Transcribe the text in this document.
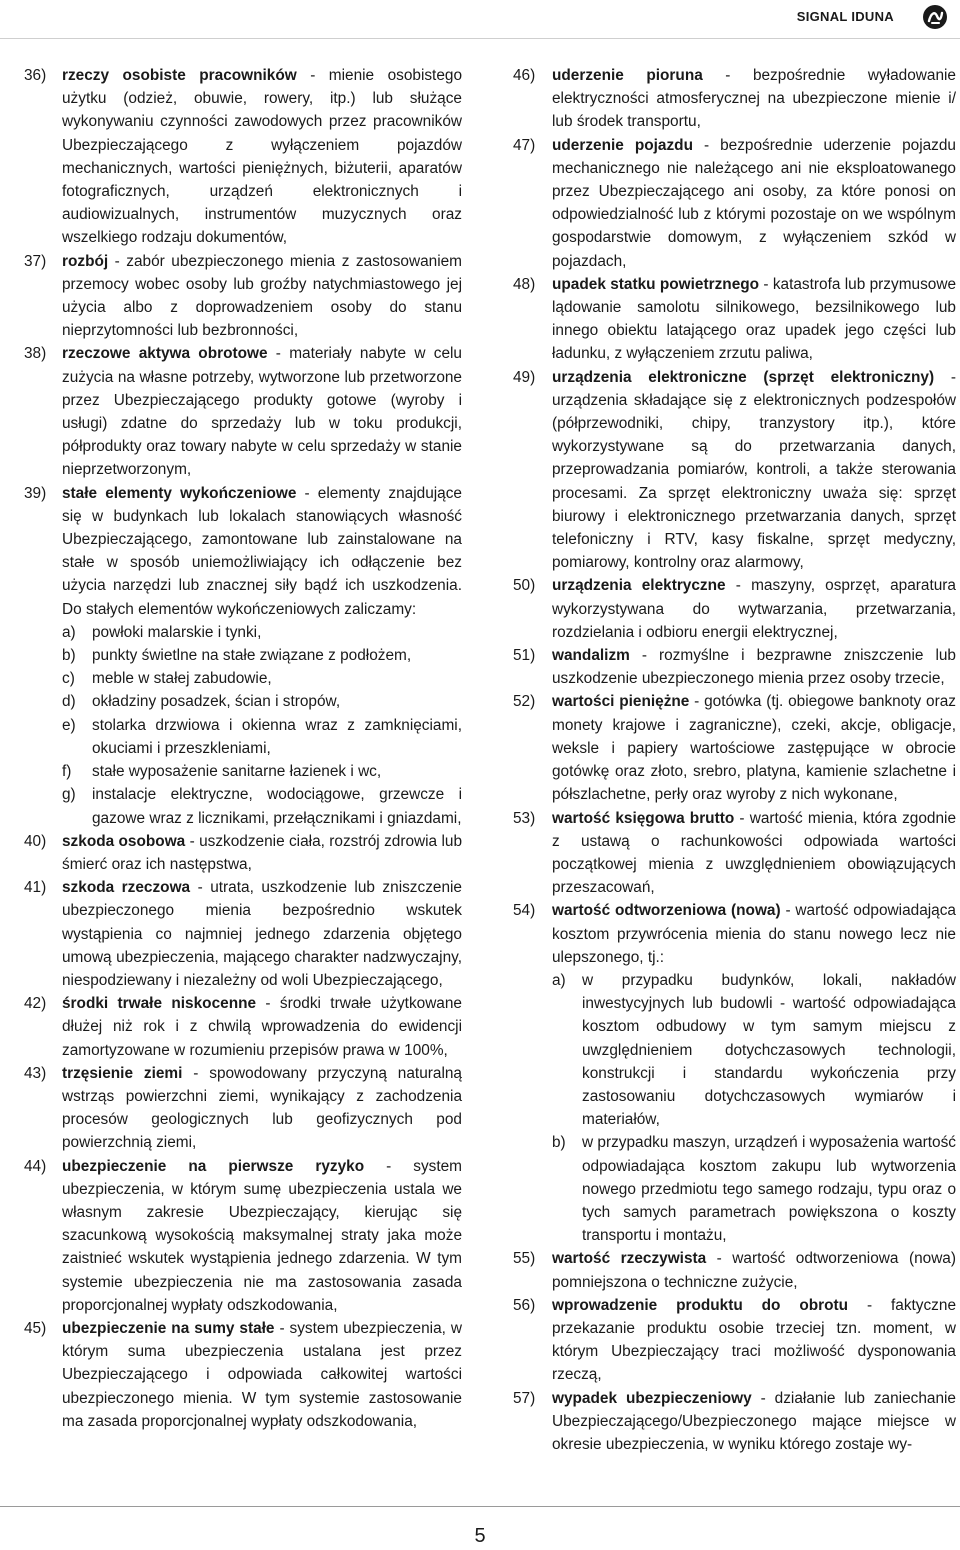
SIGNAL IDUNA
36) rzeczy osobiste pracowników - mienie osobistego użytku (odzież, obuwie, rowery, itp.) lub służące wykonywaniu czynności zawodowych przez pracowników Ubezpieczającego z wyłączeniem pojazdów mechanicznych, wartości pieniężnych, biżuterii, aparatów fotograficznych, urządzeń elektronicznych i audiowizualnych, instrumentów muzycznych oraz wszelkiego rodzaju dokumentów,
37) rozbój - zabór ubezpieczonego mienia z zastosowaniem przemocy wobec osoby lub groźby natychmiastowego jej użycia albo z doprowadzeniem osoby do stanu nieprzytomności lub bezbronności,
38) rzeczowe aktywa obrotowe - materiały nabyte w celu zużycia na własne potrzeby, wytworzone lub przetworzone przez Ubezpieczającego produkty gotowe (wyroby i usługi) zdatne do sprzedaży lub w toku produkcji, półprodukty oraz towary nabyte w celu sprzedaży w stanie nieprzetworzonym,
39) stałe elementy wykończeniowe - elementy znajdujące się w budynkach lub lokalach stanowiących własność Ubezpieczającego, zamontowane lub zainstalowane na stałe w sposób uniemożliwiający ich odłączenie bez użycia narzędzi lub znacznej siły bądź ich uszkodzenia. Do stałych elementów wykończeniowych zaliczamy:
a) powłoki malarskie i tynki,
b) punkty świetlne na stałe związane z podłożem,
c) meble w stałej zabudowie,
d) okładziny posadzek, ścian i stropów,
e) stolarka drzwiowa i okienna wraz z zamknięciami, okuciami i przeszkleniami,
f) stałe wyposażenie sanitarne łazienek i wc,
g) instalacje elektryczne, wodociągowe, grzewcze i gazowe wraz z licznikami, przełącznikami i gniazdami,
40) szkoda osobowa - uszkodzenie ciała, rozstrój zdrowia lub śmierć oraz ich następstwa,
41) szkoda rzeczowa - utrata, uszkodzenie lub zniszczenie ubezpieczonego mienia bezpośrednio wskutek wystąpienia co najmniej jednego zdarzenia objętego umową ubezpieczenia, mającego charakter nadzwyczajny, niespodziewany i niezależny od woli Ubezpieczającego,
42) środki trwałe niskocenne - środki trwałe użytkowane dłużej niż rok i z chwilą wprowadzenia do ewidencji zamortyzowane w rozumieniu przepisów prawa w 100%,
43) trzęsienie ziemi - spowodowany przyczyną naturalną wstrząs powierzchni ziemi, wynikający z zachodzenia procesów geologicznych lub geofizycznych pod powierzchnią ziemi,
44) ubezpieczenie na pierwsze ryzyko - system ubezpieczenia, w którym sumę ubezpieczenia ustala we własnym zakresie Ubezpieczający, kierując się szacunkową wysokością maksymalnej straty jaka może zaistnieć wskutek wystąpienia jednego zdarzenia. W tym systemie ubezpieczenia nie ma zastosowania zasada proporcjonalnej wypłaty odszkodowania,
45) ubezpieczenie na sumy stałe - system ubezpieczenia, w którym suma ubezpieczenia ustalana jest przez Ubezpieczającego i odpowiada całkowitej wartości ubezpieczonego mienia. W tym systemie zastosowanie ma zasada proporcjonalnej wypłaty odszkodowania,
46) uderzenie pioruna - bezpośrednie wyładowanie elektryczności atmosferycznej na ubezpieczone mienie i/ lub środek transportu,
47) uderzenie pojazdu - bezpośrednie uderzenie pojazdu mechanicznego nie należącego ani nie eksploatowanego przez Ubezpieczającego ani osoby, za które ponosi on odpowiedzialność lub z którymi pozostaje on we wspólnym gospodarstwie domowym, z wyłączeniem szkód w pojazdach,
48) upadek statku powietrznego - katastrofa lub przymusowe lądowanie samolotu silnikowego, bezsilnikowego lub innego obiektu latającego oraz upadek jego części lub ładunku, z wyłączeniem zrzutu paliwa,
49) urządzenia elektroniczne (sprzęt elektroniczny) - urządzenia składające się z elektronicznych podzespołów (półprzewodniki, chipy, tranzystory itp.), które wykorzystywane są do przetwarzania danych, przeprowadzania pomiarów, kontroli, a także sterowania procesami. Za sprzęt elektroniczny uważa się: sprzęt biurowy i elektronicznego przetwarzania danych, sprzęt telefoniczny i RTV, kasy fiskalne, sprzęt medyczny, pomiarowy, kontrolny oraz alarmowy,
50) urządzenia elektryczne - maszyny, osprzęt, aparatura wykorzystywana do wytwarzania, przetwarzania, rozdzielania i odbioru energii elektrycznej,
51) wandalizm - rozmyślne i bezprawne zniszczenie lub uszkodzenie ubezpieczonego mienia przez osoby trzecie,
52) wartości pieniężne - gotówka (tj. obiegowe banknoty oraz monety krajowe i zagraniczne), czeki, akcje, obligacje, weksle i papiery wartościowe zastępujące w obrocie gotówkę oraz złoto, srebro, platyna, kamienie szlachetne i półszlachetne, perły oraz wyroby z nich wykonane,
53) wartość księgowa brutto - wartość mienia, która zgodnie z ustawą o rachunkowości odpowiada wartości początkowej mienia z uwzględnieniem obowiązujących przeszacowań,
54) wartość odtworzeniowa (nowa) - wartość odpowiadająca kosztom przywrócenia mienia do stanu nowego lecz nie ulepszonego, tj.:
a) w przypadku budynków, lokali, nakładów inwestycyjnych lub budowli - wartość odpowiadająca kosztom odbudowy w tym samym miejscu z uwzględnieniem dotychczasowych technologii, konstrukcji i standardu wykończenia przy zastosowaniu dotychczasowych wymiarów i materiałów,
b) w przypadku maszyn, urządzeń i wyposażenia wartość odpowiadająca kosztom zakupu lub wytworzenia nowego przedmiotu tego samego rodzaju, typu oraz o tych samych parametrach powiększona o koszty transportu i montażu,
55) wartość rzeczywista - wartość odtworzeniowa (nowa) pomniejszona o techniczne zużycie,
56) wprowadzenie produktu do obrotu - faktyczne przekazanie produktu osobie trzeciej tzn. moment, w którym Ubezpieczający traci możliwość dysponowania rzeczą,
57) wypadek ubezpieczeniowy - działanie lub zaniechanie Ubezpieczającego/Ubezpieczonego mające miejsce w okresie ubezpieczenia, w wyniku którego zostaje wy-
5
